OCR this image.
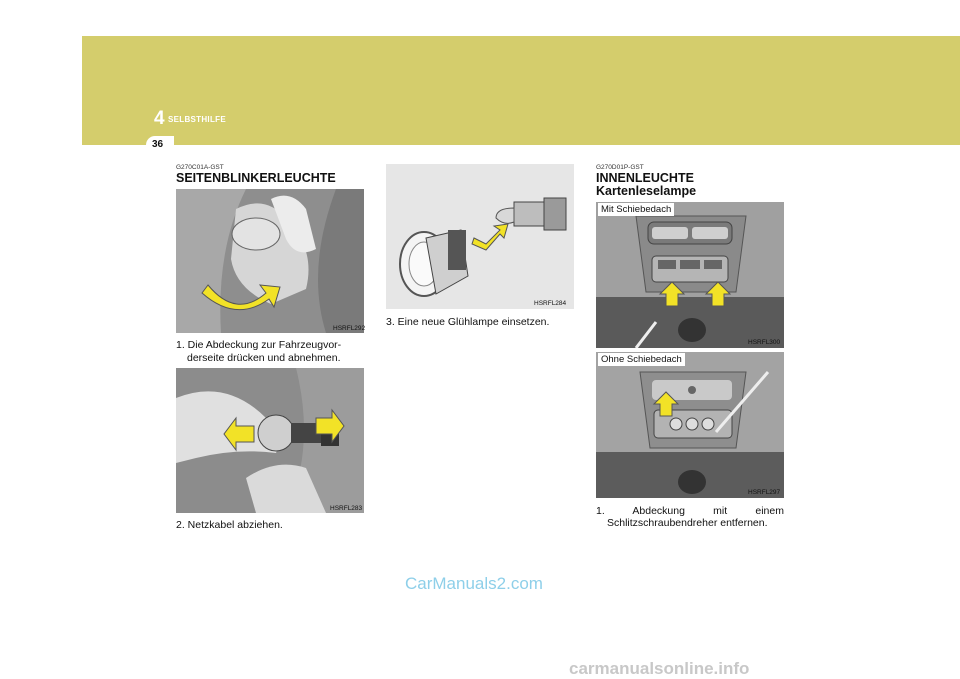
4 SELBSTHILFE
36
G270C01A-GST
SEITENBLINKERLEUCHTE
HSRFL292
1. Die Abdeckung zur Fahrzeugvor-
derseite drücken und abnehmen.
HSRFL283
2. Netzkabel abziehen.
HSRFL284
3. Eine neue Glühlampe einsetzen.
G270D01P-GST
INNENLEUCHTE
Kartenleselampe
Mit Schiebedach
HSRFL300
Ohne Schiebedach
HSRFL297
1. Abdeckung mit einem
Schlitzschraubendreher entfernen.
CarManuals2.com
carmanualsonline.info
